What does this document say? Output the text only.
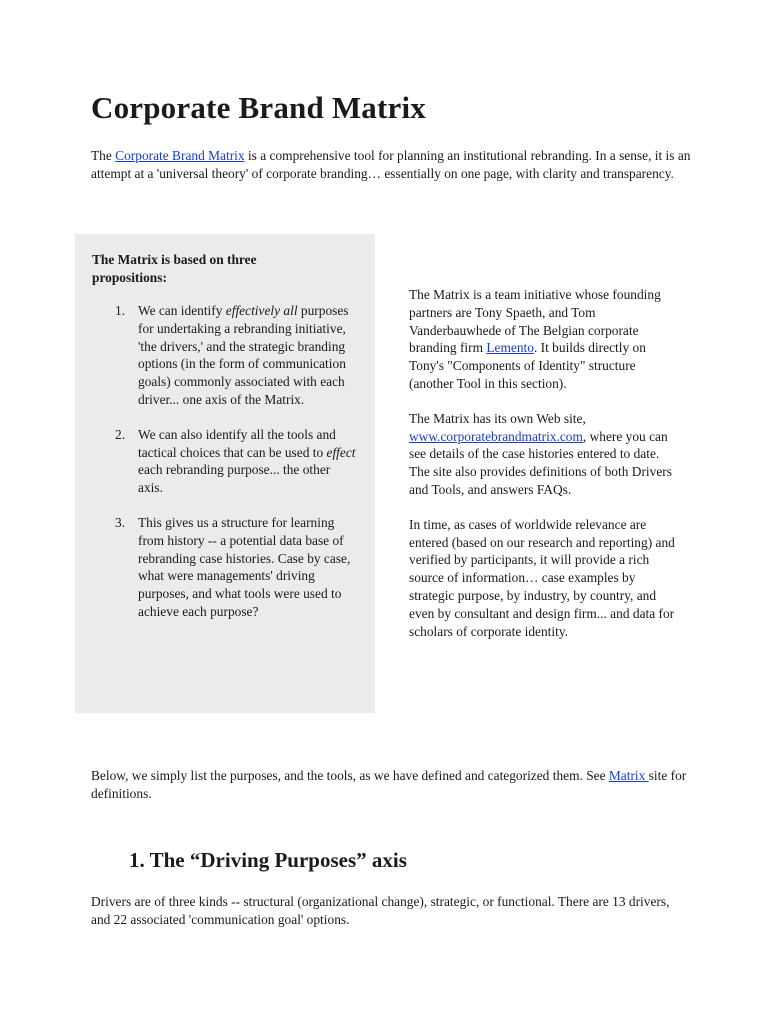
Corporate Brand Matrix

The Corporate Brand Matrix is a comprehensive tool for planning an institutional rebranding. In a sense, it is an attempt at a 'universal theory' of corporate branding… essentially on one page, with clarity and transparency.

The Matrix is based on three propositions:

1. We can identify effectively all purposes for undertaking a rebranding initiative, 'the drivers,' and the strategic branding options (in the form of communication goals) commonly associated with each driver... one axis of the Matrix.
2. We can also identify all the tools and tactical choices that can be used to effect each rebranding purpose... the other axis.
3. This gives us a structure for learning from history -- a potential data base of rebranding case histories. Case by case, what were managements' driving purposes, and what tools were used to achieve each purpose?

The Matrix is a team initiative whose founding partners are Tony Spaeth, and Tom Vanderbauwhede of The Belgian corporate branding firm Lemento. It builds directly on Tony's "Components of Identity" structure (another Tool in this section).

The Matrix has its own Web site, www.corporatebrandmatrix.com, where you can see details of the case histories entered to date. The site also provides definitions of both Drivers and Tools, and answers FAQs.

In time, as cases of worldwide relevance are entered (based on our research and reporting) and verified by participants, it will provide a rich source of information… case examples by strategic purpose, by industry, by country, and even by consultant and design firm... and data for scholars of corporate identity.

Below, we simply list the purposes, and the tools, as we have defined and categorized them. See Matrix site for definitions.

1. The “Driving Purposes” axis

Drivers are of three kinds -- structural (organizational change), strategic, or functional. There are 13 drivers, and 22 associated 'communication goal' options.
